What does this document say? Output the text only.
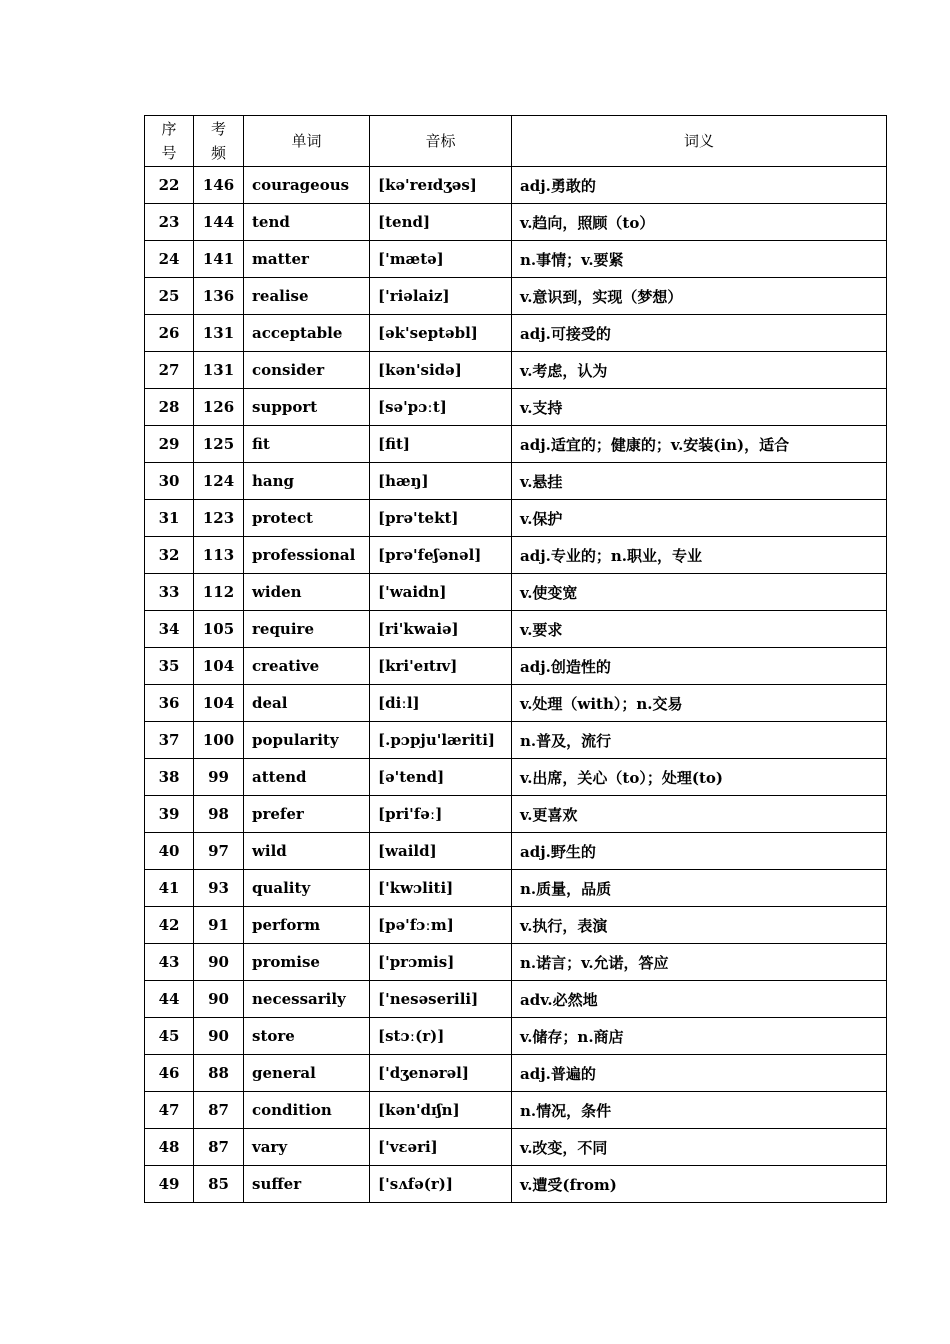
序号	考频	单词	音标	词义
22	146	courageous	[kə'reɪdʒəs]	adj.勇敢的
23	144	tend	[tend]	v.趋向，照顾（to）
24	141	matter	['mætə]	n.事情；v.要紧
25	136	realise	['riəlaiz]	v.意识到，实现（梦想）
26	131	acceptable	[ək'septəbl]	adj.可接受的
27	131	consider	[kən'sidə]	v.考虑，认为
28	126	support	[sə'pɔːt]	v.支持
29	125	fit	[fit]	adj.适宜的；健康的；v.安装(in)，适合
30	124	hang	[hæŋ]	v.悬挂
31	123	protect	[prə'tekt]	v.保护
32	113	professional	[prə'feʃənəl]	adj.专业的；n.职业，专业
33	112	widen	['waidn]	v.使变宽
34	105	require	[ri'kwaiə]	v.要求
35	104	creative	[kri'eɪtɪv]	adj.创造性的
36	104	deal	[diːl]	v.处理（with）；n.交易
37	100	popularity	[.pɔpju'læriti]	n.普及，流行
38	99	attend	[ə'tend]	v.出席，关心（to）；处理(to)
39	98	prefer	[pri'fəː]	v.更喜欢
40	97	wild	[waild]	adj.野生的
41	93	quality	['kwɔliti]	n.质量，品质
42	91	perform	[pə'fɔːm]	v.执行，表演
43	90	promise	['prɔmis]	n.诺言；v.允诺，答应
44	90	necessarily	['nesəserili]	adv.必然地
45	90	store	[stɔː(r)]	v.储存；n.商店
46	88	general	['dʒenərəl]	adj.普遍的
47	87	condition	[kən'dɪʃn]	n.情况，条件
48	87	vary	['vɛəri]	v.改变，不同
49	85	suffer	['sʌfə(r)]	v.遭受(from)
